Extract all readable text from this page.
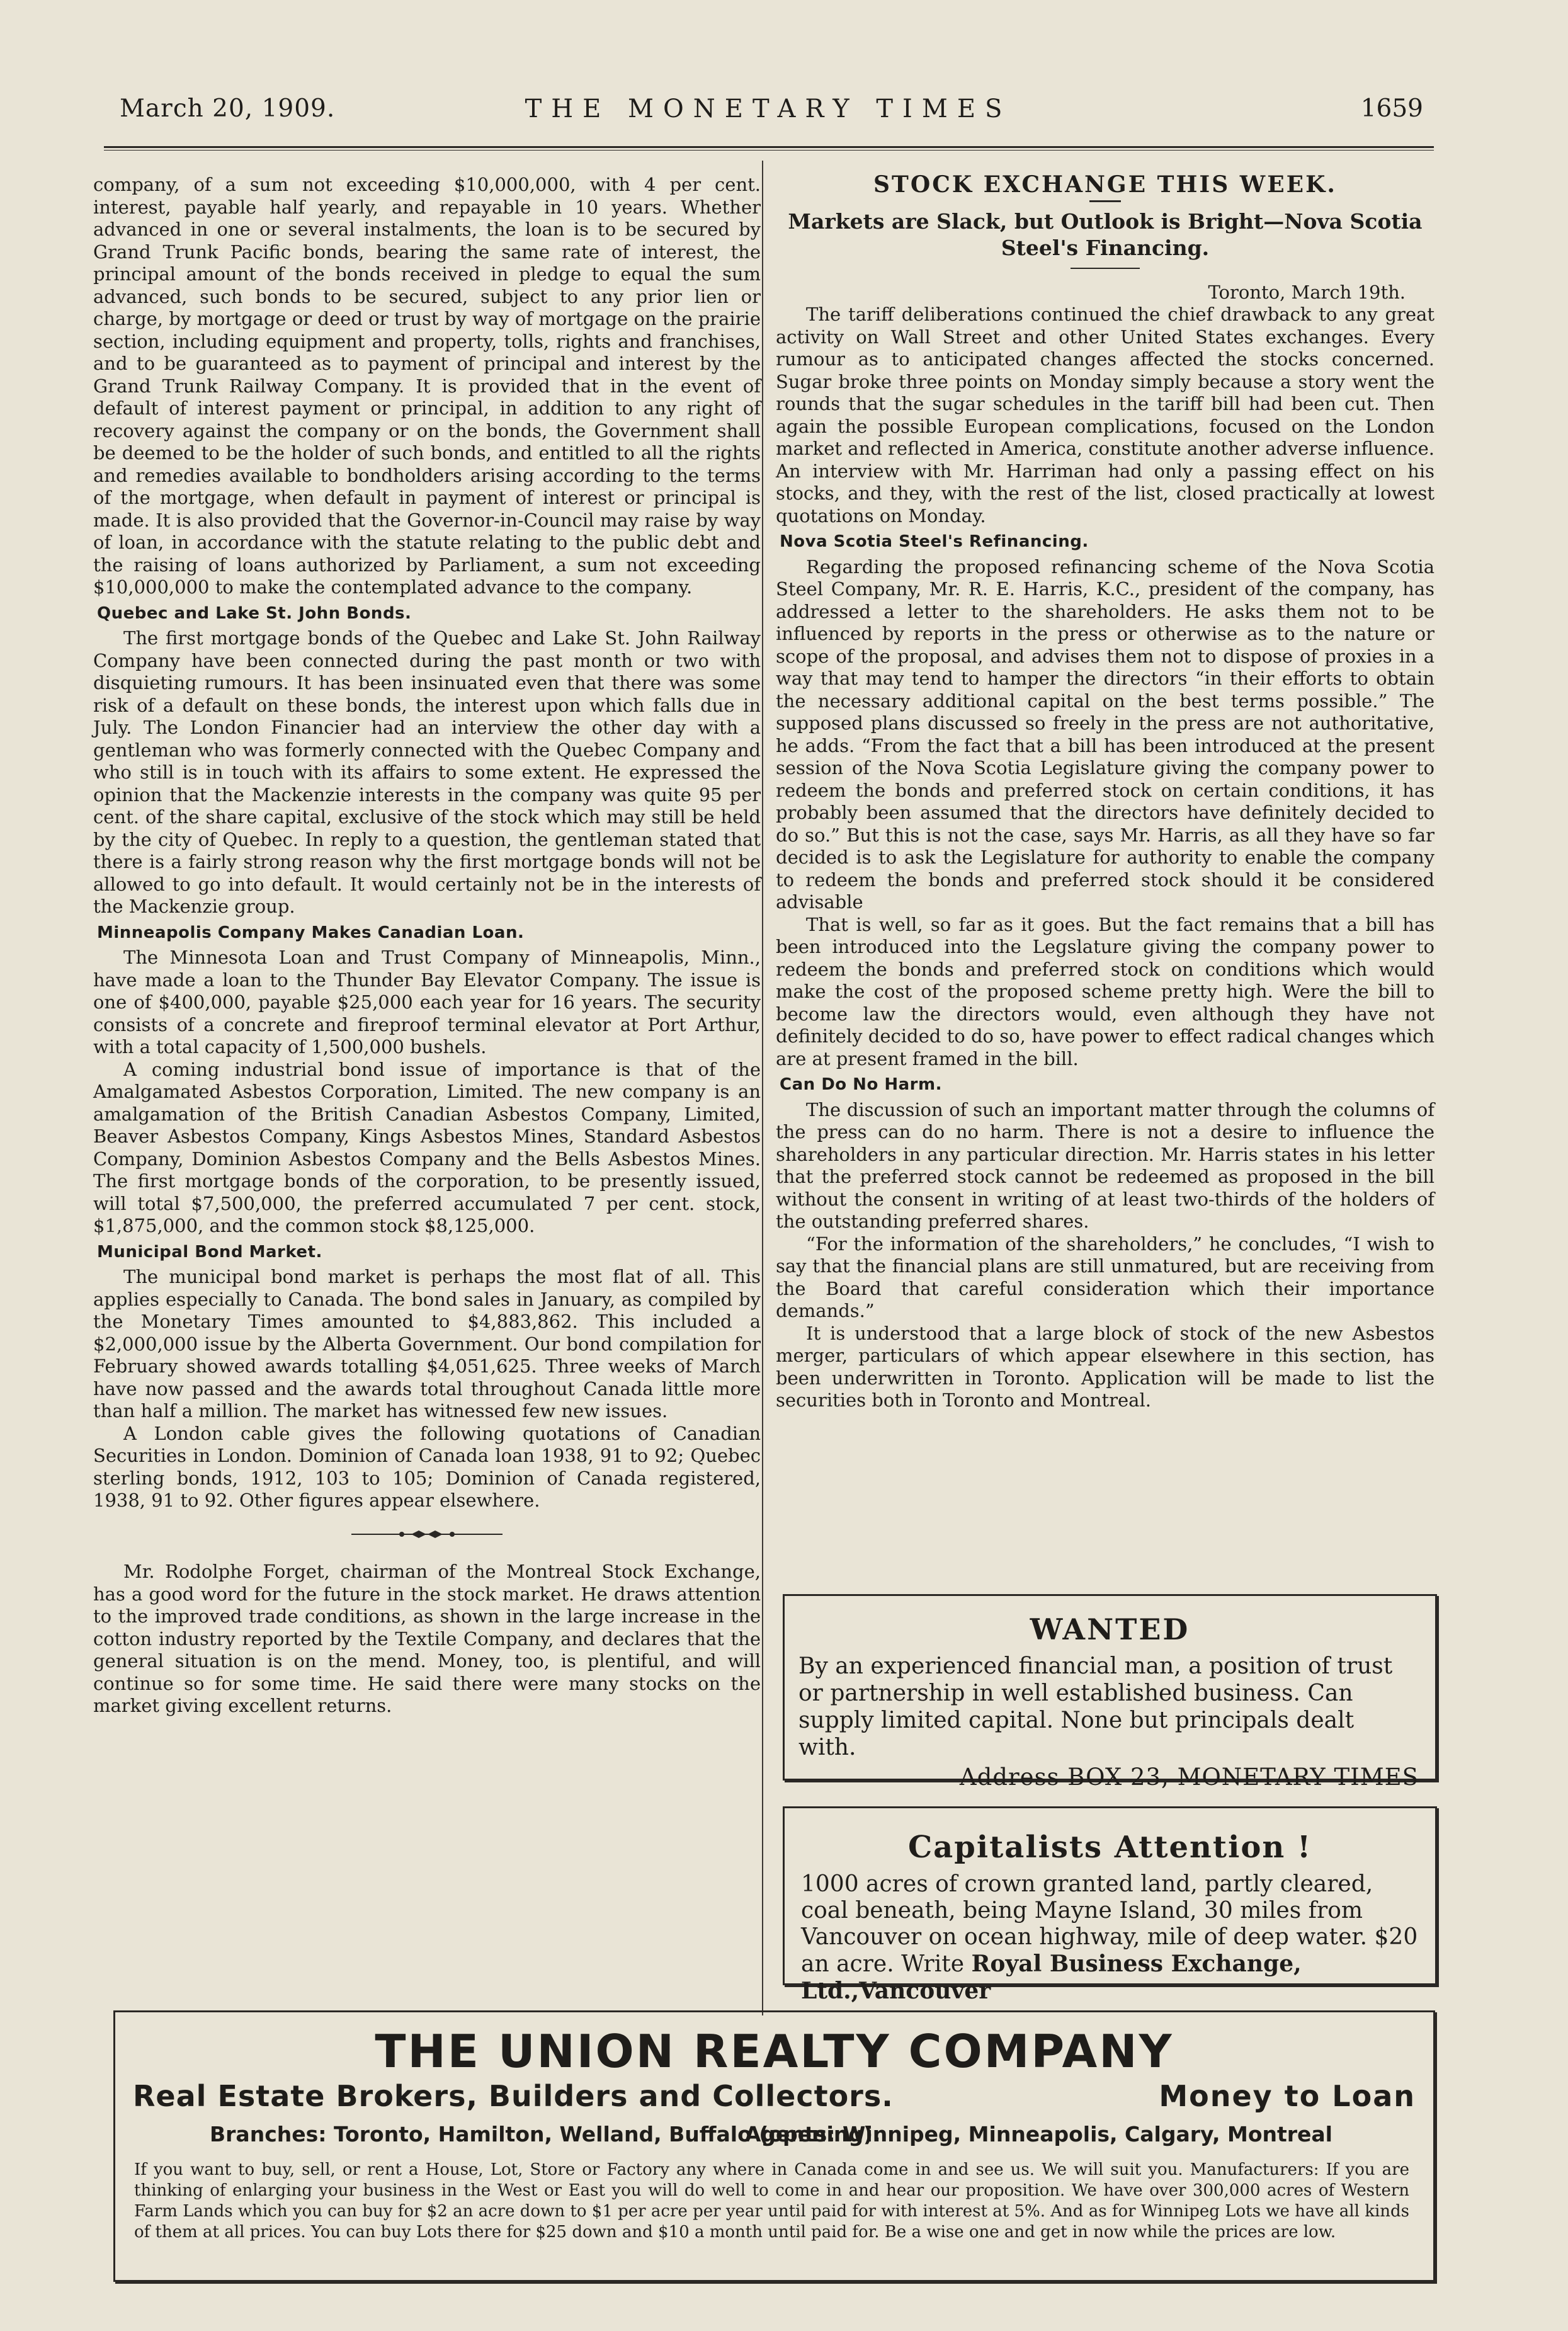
March 20, 1909.	THE MONETARY TIMES	1659

company, of a sum not exceeding $10,000,000, with 4 per cent. interest, payable half yearly, and repayable in 10 years. Whether advanced in one or several instalments, the loan is to be secured by Grand Trunk Pacific bonds, bearing the same rate of interest, the principal amount of the bonds received in pledge to equal the sum advanced, such bonds to be secured, subject to any prior lien or charge, by mortgage or deed or trust by way of mortgage on the prairie section, including equipment and property, tolls, rights and franchises, and to be guaranteed as to payment of principal and interest by the Grand Trunk Railway Company. It is provided that in the event of default of interest payment or principal, in addition to any right of recovery against the company or on the bonds, the Government shall be deemed to be the holder of such bonds, and entitled to all the rights and remedies available to bondholders arising according to the terms of the mortgage, when default in payment of interest or principal is made. It is also provided that the Governor-in-Council may raise by way of loan, in accordance with the statute relating to the public debt and the raising of loans authorized by Parliament, a sum not exceeding $10,000,000 to make the contemplated advance to the company.

Quebec and Lake St. John Bonds.

The first mortgage bonds of the Quebec and Lake St. John Railway Company have been connected during the past month or two with disquieting rumours. It has been insinuated even that there was some risk of a default on these bonds, the interest upon which falls due in July. The London Financier had an interview the other day with a gentleman who was formerly connected with the Quebec Company and who still is in touch with its affairs to some extent. He expressed the opinion that the Mackenzie interests in the company was quite 95 per cent. of the share capital, exclusive of the stock which may still be held by the city of Quebec. In reply to a question, the gentleman stated that there is a fairly strong reason why the first mortgage bonds will not be allowed to go into default. It would certainly not be in the interests of the Mackenzie group.

Minneapolis Company Makes Canadian Loan.

The Minnesota Loan and Trust Company of Minneapolis, Minn., have made a loan to the Thunder Bay Elevator Company. The issue is one of $400,000, payable $25,000 each year for 16 years. The security consists of a concrete and fireproof terminal elevator at Port Arthur, with a total capacity of 1,500,000 bushels.

A coming industrial bond issue of importance is that of the Amalgamated Asbestos Corporation, Limited. The new company is an amalgamation of the British Canadian Asbestos Company, Limited, Beaver Asbestos Company, Kings Asbestos Mines, Standard Asbestos Company, Dominion Asbestos Company and the Bells Asbestos Mines. The first mortgage bonds of the corporation, to be presently issued, will total $7,500,000, the preferred accumulated 7 per cent. stock, $1,875,000, and the common stock $8,125,000.

Municipal Bond Market.

The municipal bond market is perhaps the most flat of all. This applies especially to Canada. The bond sales in January, as compiled by the Monetary Times amounted to $4,883,862. This included a $2,000,000 issue by the Alberta Government. Our bond compilation for February showed awards totalling $4,051,625. Three weeks of March have now passed and the awards total throughout Canada little more than half a million. The market has witnessed few new issues.

A London cable gives the following quotations of Canadian Securities in London. Dominion of Canada loan 1938, 91 to 92; Quebec sterling bonds, 1912, 103 to 105; Dominion of Canada registered, 1938, 91 to 92. Other figures appear elsewhere.

Mr. Rodolphe Forget, chairman of the Montreal Stock Exchange, has a good word for the future in the stock market. He draws attention to the improved trade conditions, as shown in the large increase in the cotton industry reported by the Textile Company, and declares that the general situation is on the mend. Money, too, is plentiful, and will continue so for some time. He said there were many stocks on the market giving excellent returns.

STOCK EXCHANGE THIS WEEK.
Markets are Slack, but Outlook is Bright—Nova Scotia Steel's Financing.

Toronto, March 19th.

The tariff deliberations continued the chief drawback to any great activity on Wall Street and other United States exchanges. Every rumour as to anticipated changes affected the stocks concerned. Sugar broke three points on Monday simply because a story went the rounds that the sugar schedules in the tariff bill had been cut. Then again the possible European complications, focused on the London market and reflected in America, constitute another adverse influence. An interview with Mr. Harriman had only a passing effect on his stocks, and they, with the rest of the list, closed practically at lowest quotations on Monday.

Nova Scotia Steel's Refinancing.

Regarding the proposed refinancing scheme of the Nova Scotia Steel Company, Mr. R. E. Harris, K.C., president of the company, has addressed a letter to the shareholders. He asks them not to be influenced by reports in the press or otherwise as to the nature or scope of the proposal, and advises them not to dispose of proxies in a way that may tend to hamper the directors “in their efforts to obtain the necessary additional capital on the best terms possible.” The supposed plans discussed so freely in the press are not authoritative, he adds. “From the fact that a bill has been introduced at the present session of the Nova Scotia Legislature giving the company power to redeem the bonds and preferred stock on certain conditions, it has probably been assumed that the directors have definitely decided to do so.” But this is not the case, says Mr. Harris, as all they have so far decided is to ask the Legislature for authority to enable the company to redeem the bonds and preferred stock should it be considered advisable

That is well, so far as it goes. But the fact remains that a bill has been introduced into the Legslature giving the company power to redeem the bonds and preferred stock on conditions which would make the cost of the proposed scheme pretty high. Were the bill to become law the directors would, even although they have not definitely decided to do so, have power to effect radical changes which are at present framed in the bill.

Can Do No Harm.

The discussion of such an important matter through the columns of the press can do no harm. There is not a desire to influence the shareholders in any particular direction. Mr. Harris states in his letter that the preferred stock cannot be redeemed as proposed in the bill without the consent in writing of at least two-thirds of the holders of the outstanding preferred shares.

“For the information of the shareholders,” he concludes, “I wish to say that the financial plans are still unmatured, but are receiving from the Board that careful consideration which their importance demands.”

It is understood that a large block of stock of the new Asbestos merger, particulars of which appear elsewhere in this section, has been underwritten in Toronto. Application will be made to list the securities both in Toronto and Montreal.

WANTED
By an experienced financial man, a position of trust or partnership in well established business. Can supply limited capital. None but principals dealt with.
Address BOX 23, MONETARY TIMES
Capitalists Attention !
1000 acres of crown granted land, partly cleared, coal beneath, being Mayne Island, 30 miles from Vancouver on ocean highway, mile of deep water. $20 an acre. Write Royal Business Exchange, Ltd.,Vancouver
THE UNION REALTY COMPANY
Real Estate Brokers, Builders and Collectors.	Money to Loan
Branches: Toronto, Hamilton, Welland, Buffalo (opening).
Agents: Winnipeg, Minneapolis, Calgary, Montreal
If you want to buy, sell, or rent a House, Lot, Store or Factory any where in Canada come in and see us. We will suit you. Manufacturers: If you are thinking of enlarging your business in the West or East you will do well to come in and hear our proposition. We have over 300,000 acres of Western Farm Lands which you can buy for $2 an acre down to $1 per acre per year until paid for with interest at 5%. And as for Winnipeg Lots we have all kinds of them at all prices. You can buy Lots there for $25 down and $10 a month until paid for. Be a wise one and get in now while the prices are low.
